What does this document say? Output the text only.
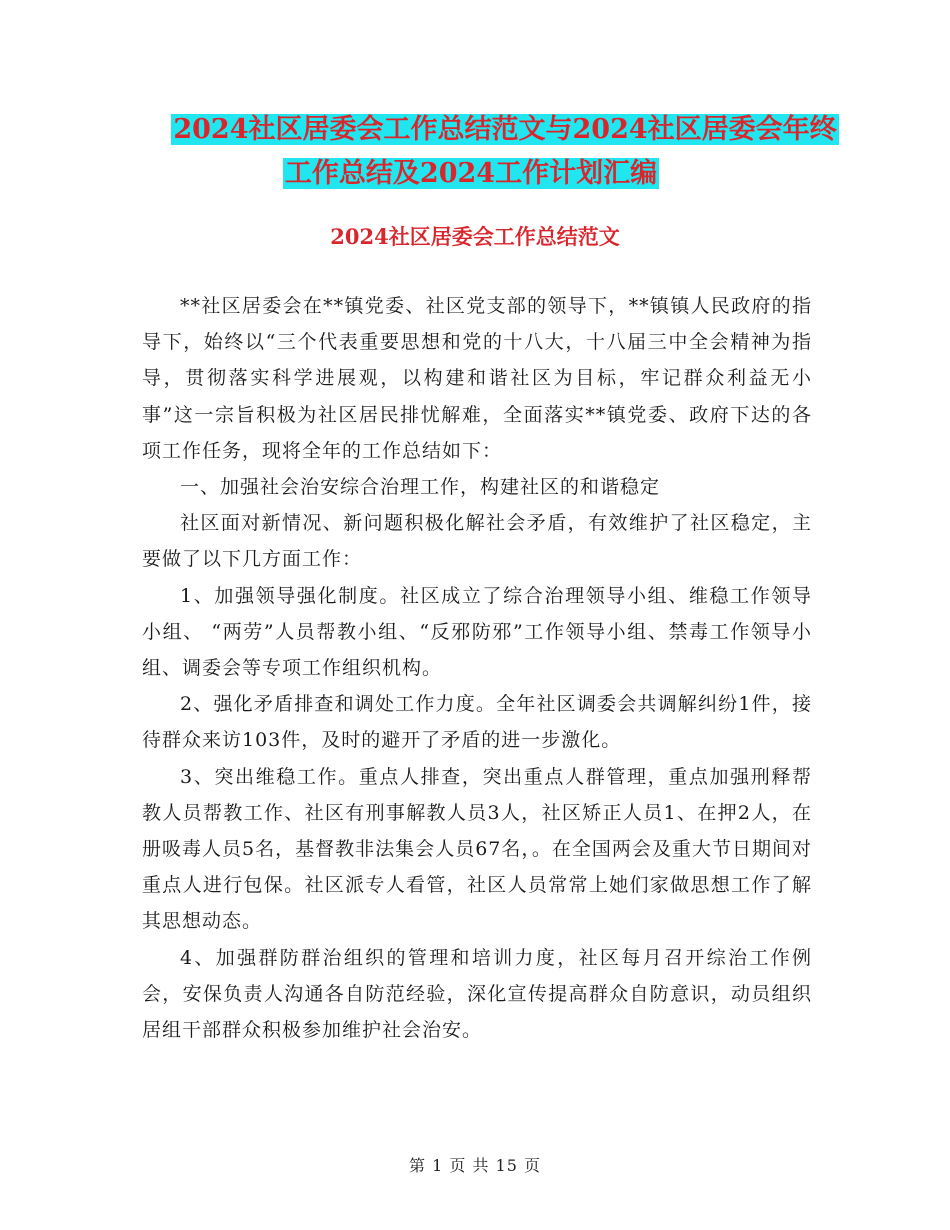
2024社区居委会工作总结范文与2024社区居委会年终
工作总结及2024工作计划汇编
2024社区居委会工作总结范文

**社区居委会在**镇党委、社区党支部的领导下，**镇镇人民政府的指导下，始终以“三个代表重要思想和党的十八大，十八届三中全会精神为指导，贯彻落实科学进展观，以构建和谐社区为目标，牢记群众利益无小事”这一宗旨积极为社区居民排忧解难，全面落实**镇党委、政府下达的各项工作任务，现将全年的工作总结如下：

一、加强社会治安综合治理工作，构建社区的和谐稳定

社区面对新情况、新问题积极化解社会矛盾，有效维护了社区稳定，主要做了以下几方面工作：

1、加强领导强化制度。社区成立了综合治理领导小组、维稳工作领导小组、 “两劳”人员帮教小组、“反邪防邪”工作领导小组、禁毒工作领导小组、调委会等专项工作组织机构。

2、强化矛盾排查和调处工作力度。全年社区调委会共调解纠纷1件，接待群众来访103件，及时的避开了矛盾的进一步激化。

3、突出维稳工作。重点人排查，突出重点人群管理，重点加强刑释帮教人员帮教工作、社区有刑事解教人员3人，社区矫正人员1、在押2人，在册吸毒人员5名，基督教非法集会人员67名，。在全国两会及重大节日期间对重点人进行包保。社区派专人看管，社区人员常常上她们家做思想工作了解其思想动态。

4、加强群防群治组织的管理和培训力度，社区每月召开综治工作例会，安保负责人沟通各自防范经验，深化宣传提高群众自防意识，动员组织居组干部群众积极参加维护社会治安。

第 1 页 共 15 页
